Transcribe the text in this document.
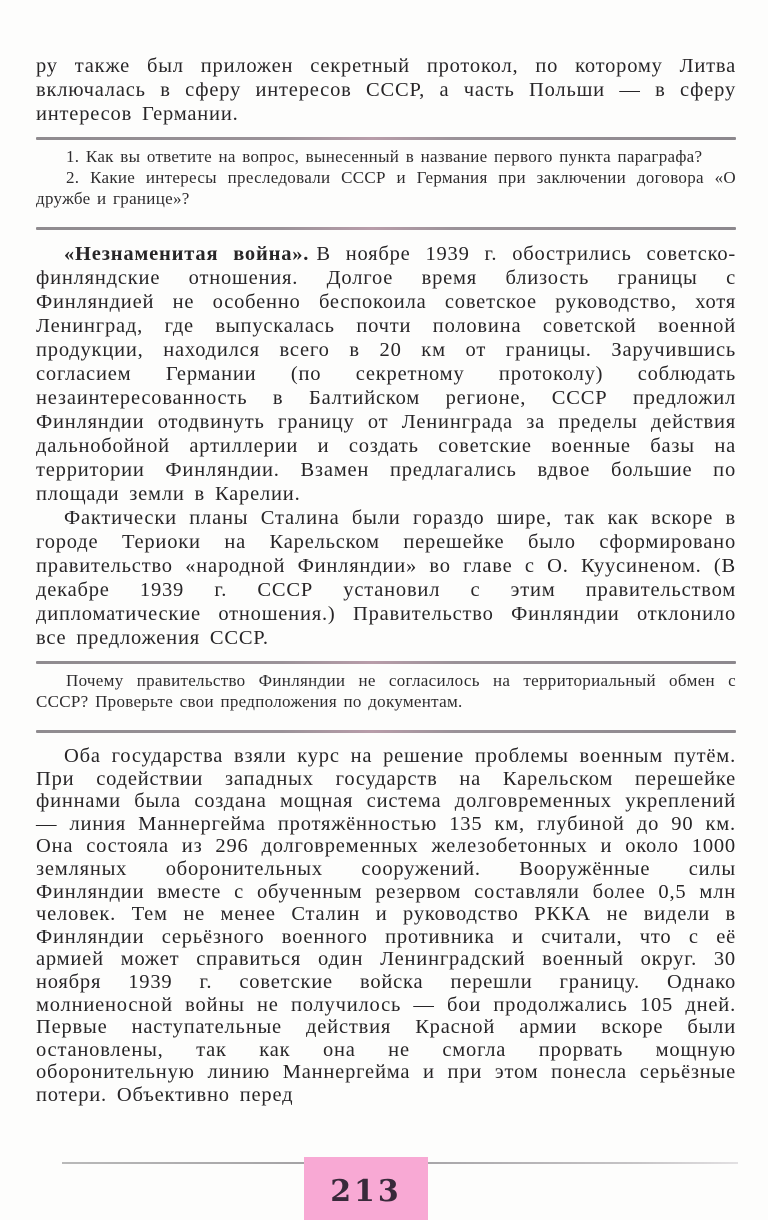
ру также был приложен секретный протокол, по которому Литва включалась в сферу интересов СССР, а часть Польши — в сферу интересов Германии.

1. Как вы ответите на вопрос, вынесенный в название первого пункта параграфа?

2. Какие интересы преследовали СССР и Германия при заключении договора «О дружбе и границе»?

«Незнаменитая война». В ноябре 1939 г. обострились советско-финляндские отношения. Долгое время близость границы с Финляндией не особенно беспокоила советское руководство, хотя Ленинград, где выпускалась почти половина советской военной продукции, находился всего в 20 км от границы. Заручившись согласием Германии (по секретному протоколу) соблюдать незаинтересованность в Балтийском регионе, СССР предложил Финляндии отодвинуть границу от Ленинграда за пределы действия дальнобойной артиллерии и создать советские военные базы на территории Финляндии. Взамен предлагались вдвое большие по площади земли в Карелии.

Фактически планы Сталина были гораздо шире, так как вскоре в городе Териоки на Карельском перешейке было сформировано правительство «народной Финляндии» во главе с О. Куусиненом. (В декабре 1939 г. СССР установил с этим правительством дипломатические отношения.) Правительство Финляндии отклонило все предложения СССР.

Почему правительство Финляндии не согласилось на территориальный обмен с СССР? Проверьте свои предположения по документам.

Оба государства взяли курс на решение проблемы военным путём. При содействии западных государств на Карельском перешейке финнами была создана мощная система долговременных укреплений — линия Маннергейма протяжённостью 135 км, глубиной до 90 км. Она состояла из 296 долговременных железобетонных и около 1000 земляных оборонительных сооружений. Вооружённые силы Финляндии вместе с обученным резервом составляли более 0,5 млн человек. Тем не менее Сталин и руководство РККА не видели в Финляндии серьёзного военного противника и считали, что с её армией может справиться один Ленинградский военный округ. 30 ноября 1939 г. советские войска перешли границу. Однако молниеносной войны не получилось — бои продолжались 105 дней. Первые наступательные действия Красной армии вскоре были остановлены, так как она не смогла прорвать мощную оборонительную линию Маннергейма и при этом понесла серьёзные потери. Объективно перед

213
